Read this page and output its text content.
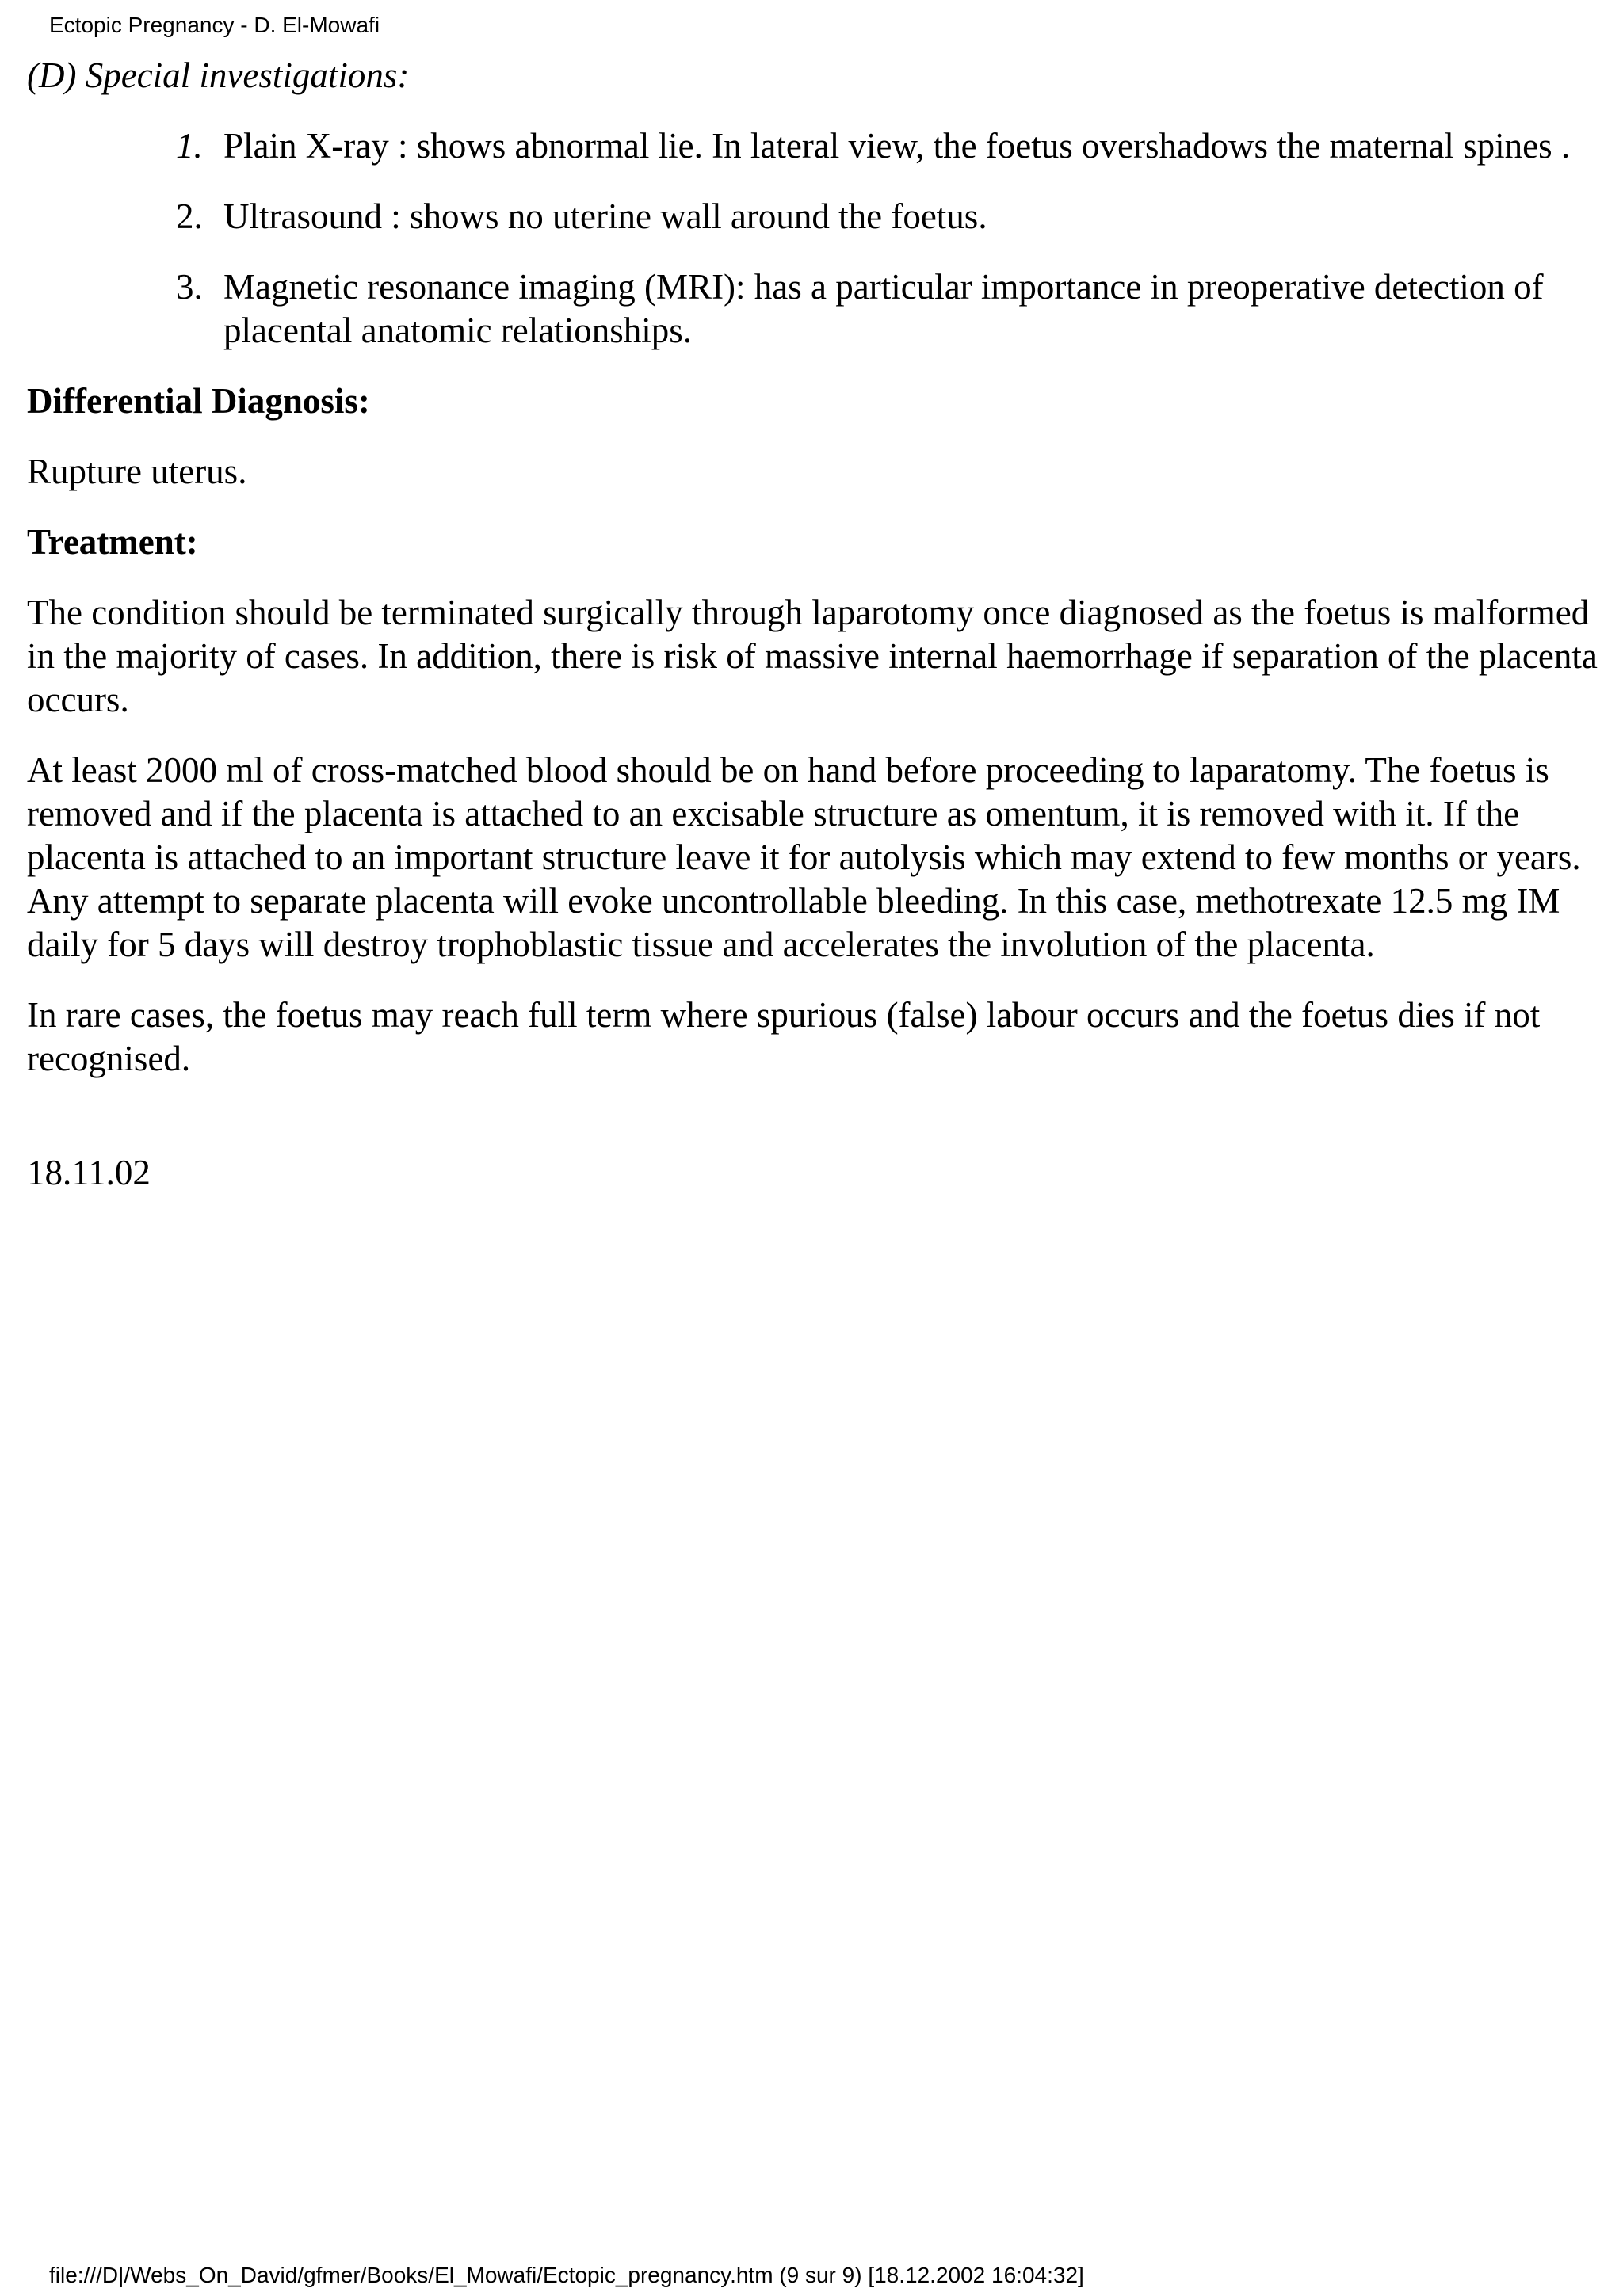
Ectopic Pregnancy - D. El-Mowafi

(D) Special investigations:

1. Plain X-ray : shows abnormal lie. In lateral view, the foetus overshadows the maternal spines .
2. Ultrasound : shows no uterine wall around the foetus.
3. Magnetic resonance imaging (MRI): has a particular importance in preoperative detection of placental anatomic relationships.

Differential Diagnosis:

Rupture uterus.

Treatment:

The condition should be terminated surgically through laparotomy once diagnosed as the foetus is malformed in the majority of cases. In addition, there is risk of massive internal haemorrhage if separation of the placenta occurs.

At least 2000 ml of cross-matched blood should be on hand before proceeding to laparatomy. The foetus is removed and if the placenta is attached to an excisable structure as omentum, it is removed with it. If the placenta is attached to an important structure leave it for autolysis which may extend to few months or years. Any attempt to separate placenta will evoke uncontrollable bleeding. In this case, methotrexate 12.5 mg IM daily for 5 days will destroy trophoblastic tissue and accelerates the involution of the placenta.

In rare cases, the foetus may reach full term where spurious (false) labour occurs and the foetus dies if not recognised.

18.11.02

file:///D|/Webs_On_David/gfmer/Books/El_Mowafi/Ectopic_pregnancy.htm (9 sur 9) [18.12.2002 16:04:32]
